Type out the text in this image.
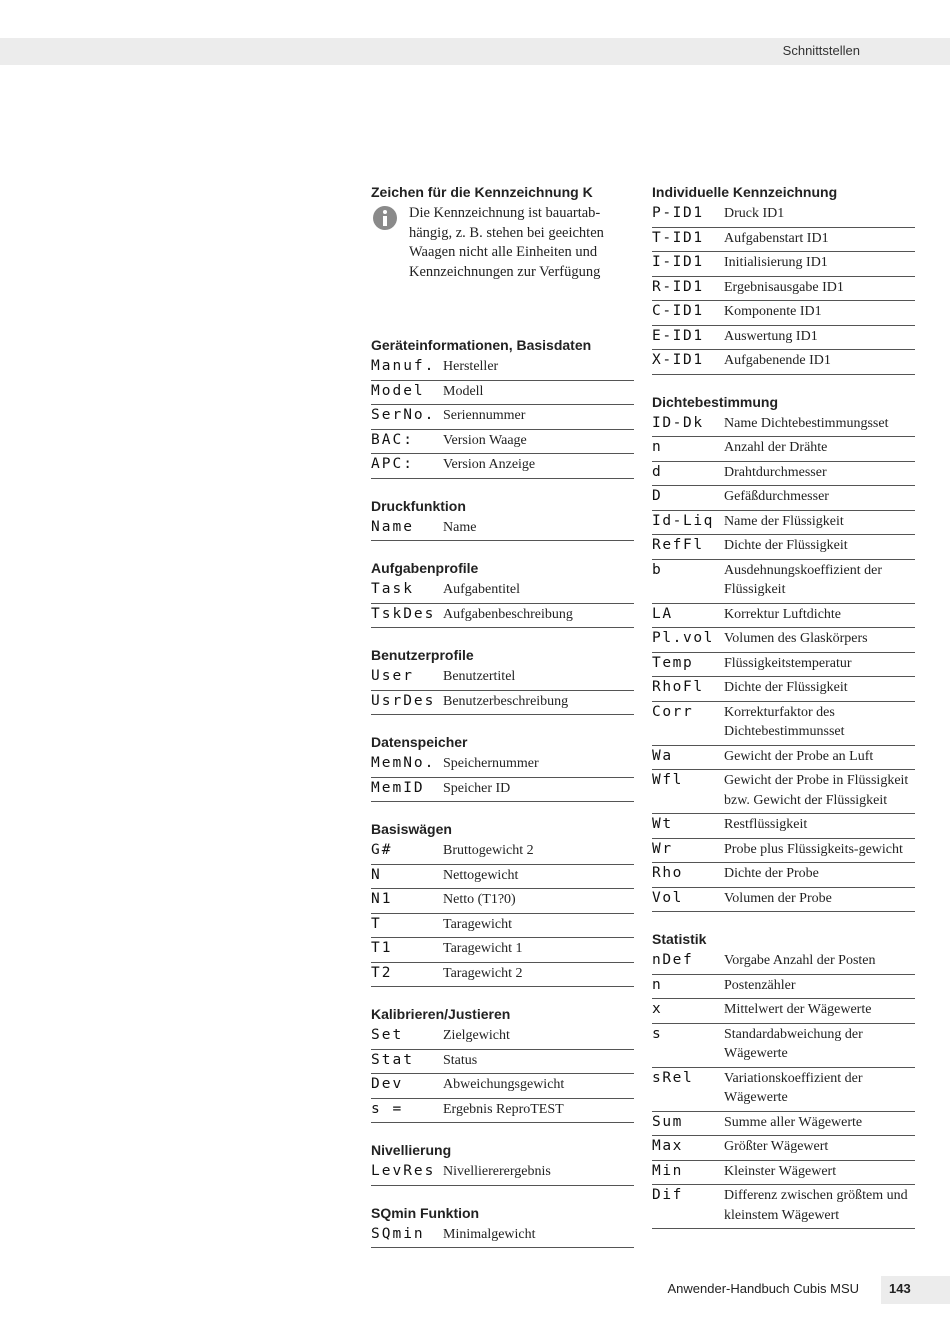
Schnittstellen
Zeichen für die Kennzeichnung K
Die Kennzeichnung ist bauartab-hängig, z. B. stehen bei geeichten Waagen nicht alle Einheiten und Kennzeichnungen zur Verfügung
Geräteinformationen, Basisdaten
Manuf. Hersteller
Model	Modell
SerNo. Seriennummer
BAC:	Version Waage
APC:	Version Anzeige
Druckfunktion
Name	Name
Aufgabenprofile
Task	Aufgabentitel
TskDes Aufgabenbeschreibung
Benutzerprofile
User	Benutzertitel
UsrDes Benutzerbeschreibung
Datenspeicher
MemNo. Speichernummer
MemID	Speicher ID
Basiswägen
G#	Bruttogewicht 2
N	Nettogewicht
N1	Netto (T1?0)
T	Taragewicht
T1	Taragewicht 1
T2	Taragewicht 2
Kalibrieren/Justieren
Set	Zielgewicht
Stat	Status
Dev	Abweichungsgewicht
s =	Ergebnis ReproTEST
Nivellierung
LevRes Nivelliererergebnis
SQmin Funktion
SQmin	Minimalgewicht
Individuelle Kennzeichnung
P-ID1	Druck ID1
T-ID1	Aufgabenstart ID1
I-ID1	Initialisierung ID1
R-ID1	Ergebnisausgabe ID1
C-ID1	Komponente ID1
E-ID1	Auswertung ID1
X-ID1	Aufgabenende ID1
Dichtebestimmung
ID-Dk	Name Dichtebestimmungsset
n	Anzahl der Drähte
d	Drahtdurchmesser
D	Gefäßdurchmesser
Id-Liq Name der Flüssigkeit
RefFl	Dichte der Flüssigkeit
b	Ausdehnungskoeffizient der Flüssigkeit
LA	Korrektur Luftdichte
Pl.vol Volumen des Glaskörpers
Temp	Flüssigkeitstemperatur
RhoFl	Dichte der Flüssigkeit
Corr	Korrekturfaktor des Dichtebestimmunsset
Wa	Gewicht der Probe an Luft
Wfl	Gewicht der Probe in Flüssigkeit bzw. Gewicht der Flüssigkeit
Wt	Restflüssigkeit
Wr	Probe plus Flüssigkeits-gewicht
Rho	Dichte der Probe
Vol	Volumen der Probe
Statistik
nDef	Vorgabe Anzahl der Posten
n	Postenzähler
x	Mittelwert der Wägewerte
s	Standardabweichung der Wägewerte
sRel	Variationskoeffizient der Wägewerte
Sum	Summe aller Wägewerte
Max	Größter Wägewert
Min	Kleinster Wägewert
Dif	Differenz zwischen größtem und kleinstem Wägewert
Anwender-Handbuch Cubis MSU 143
